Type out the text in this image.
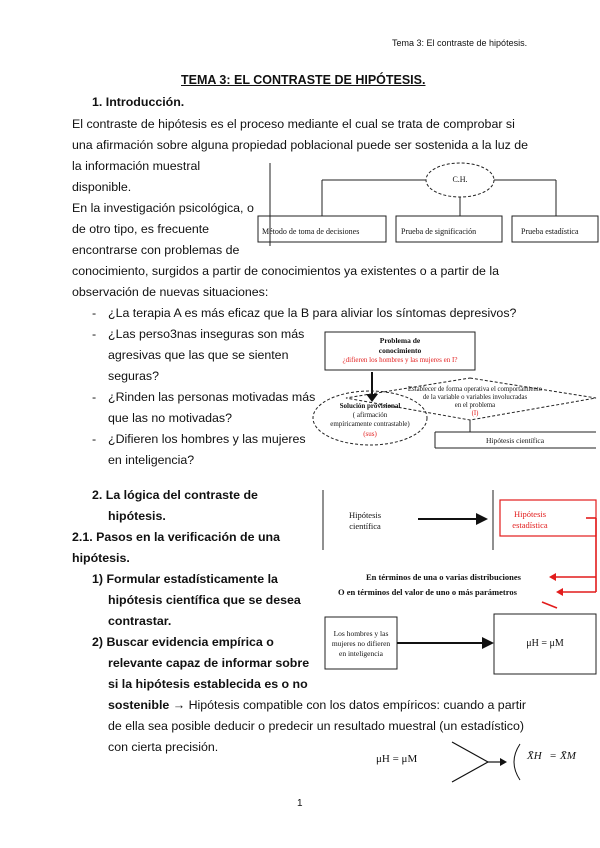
Tema 3: El contraste de hipótesis.
TEMA 3: EL CONTRASTE DE HIPÓTESIS.
1. Introducción.
El contraste de hipótesis es el proceso mediante el cual se trata de comprobar si
una afirmación sobre alguna propiedad poblacional puede ser sostenida a la luz de
la información muestral
disponible.
En la investigación psicológica, o
de otro tipo, es frecuente
encontrarse con problemas de
conocimiento, surgidos a partir de conocimientos ya existentes o a partir de la
observación de nuevas situaciones:
- ¿La terapia A es más eficaz que la B para aliviar los síntomas depresivos?
- ¿Las perso3nas inseguras son más
agresivas que las que se sienten
seguras?
- ¿Rinden las personas motivadas más
que las no motivadas?
- ¿Difieren los hombres y las mujeres
en inteligencia?
2. La lógica del contraste de
hipótesis.
2.1. Pasos en la verificación de una
hipótesis.
1) Formular estadísticamente la
hipótesis científica que se desea
contrastar.
2) Buscar evidencia empírica o
relevante capaz de informar sobre
si la hipótesis establecida es o no
sostenible → Hipótesis compatible con los datos empíricos: cuando a partir
de ella sea posible deducir o predecir un resultado muestral (un estadístico)
con cierta precisión.
1
C.H.
Método de toma de decisiones	Prueba de significación	Prueba estadística
Problema de
conocimiento
¿difieren los hombres y las mujeres en I?
Solución provisional
( afirmación
empíricamente contrastable)
(sus)
Establecer de forma operativa el comportamiento
de la variable o variables involucradas
en el problema
(I)
Hipótesis científica
Hipótesis
científica
Hipótesis
estadística
En términos de una o varias distribuciones
O en términos del valor de uno o más parámetros
Los hombres y las
mujeres no difieren
en inteligencia
μH = μM
μH = μM	X̄H = X̄M
